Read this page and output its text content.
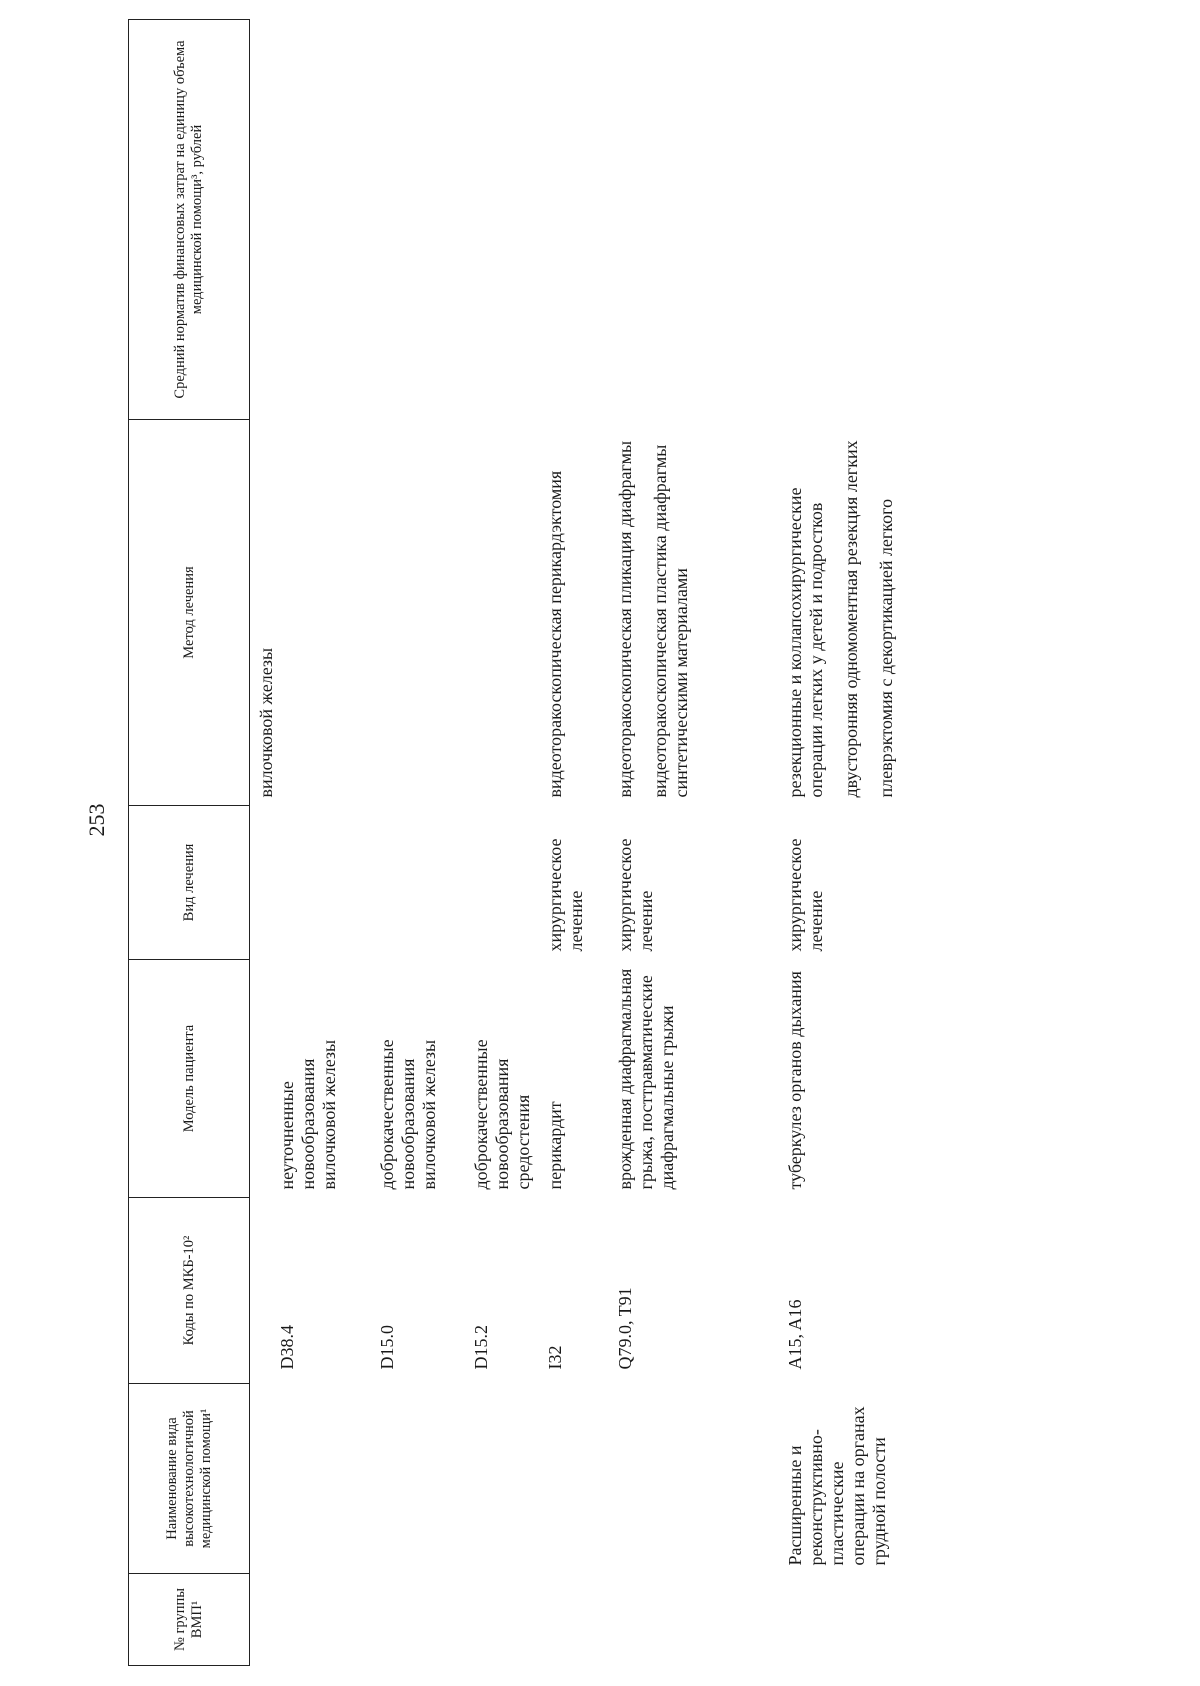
253
№ группы ВМП¹	Наименование вида высокотехнологичной медицинской помощи¹	Коды по МКБ-10²	Модель пациента	Вид лечения	Метод лечения	Средний норматив финансовых затрат на единицу объема медицинской помощи³, рублей
					вилочковой железы	
		D38.4	неуточненные новообразования вилочковой железы			
		D15.0	доброкачественные новообразования вилочковой железы			
		D15.2	доброкачественные новообразования средостения			
		I32	перикардит	хирургическое лечение	видеоторакоскопическая перикардэктомия	
		Q79.0, T91	врожденная диафрагмальная грыжа, посттравматические диафрагмальные грыжи	хирургическое лечение	видеоторакоскопическая пликация диафрагмы видеоторакоскопическая пластика диафрагмы синтетическими материалами	
	Расширенные и реконструктивно-пластические операции на органах грудной полости	A15, A16	туберкулез органов дыхания	хирургическое лечение	резекционные и коллапсохирургические операции легких у детей и подростков двусторонняя одномоментная резекция легких плеврэктомия с декортикацией легкого	
